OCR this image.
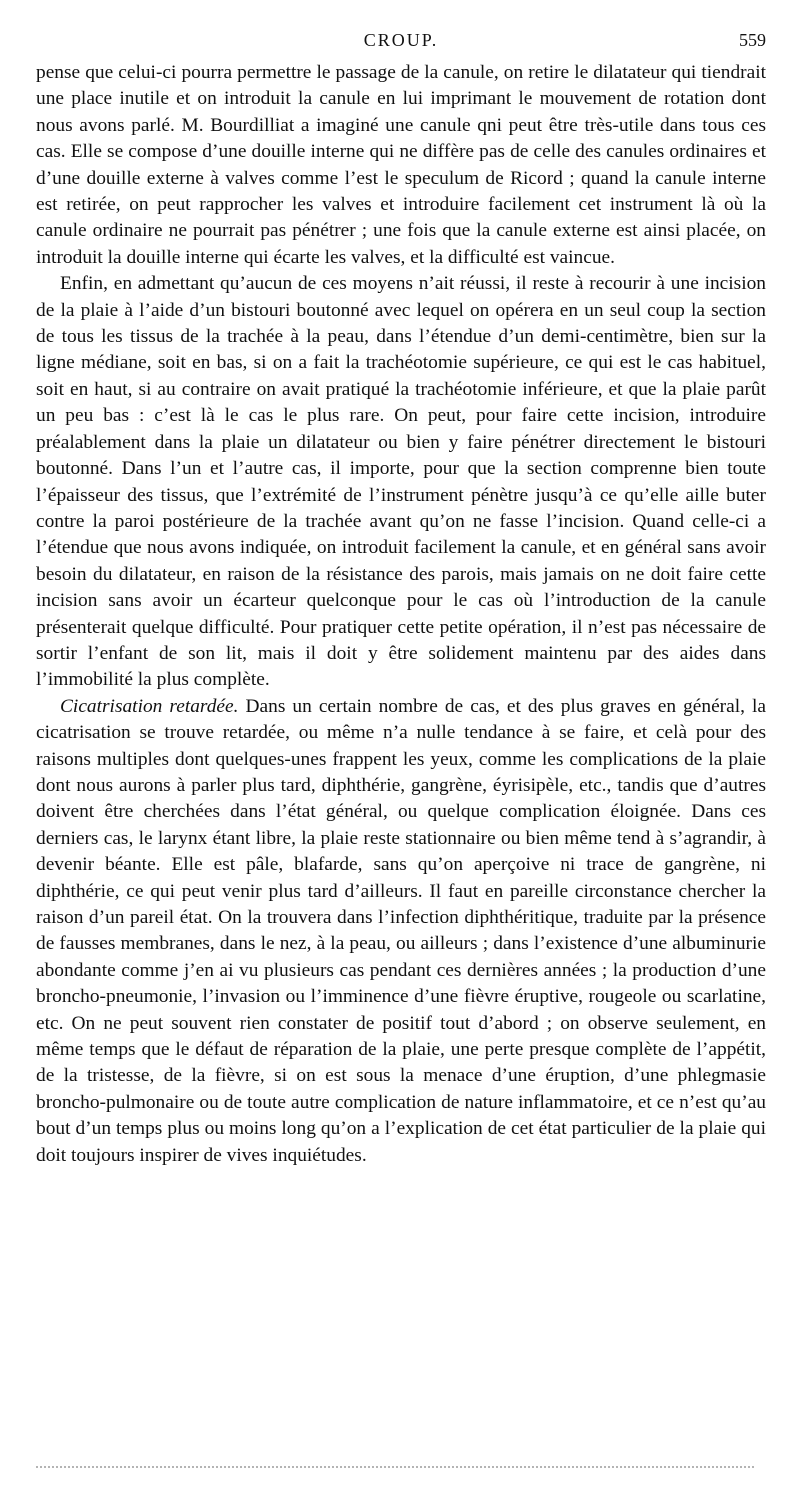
CROUP.	559

pense que celui-ci pourra permettre le passage de la canule, on retire le dilatateur qui tiendrait une place inutile et on introduit la canule en lui imprimant le mouvement de rotation dont nous avons parlé. M. Bourdilliat a imaginé une canule qni peut être très-utile dans tous ces cas. Elle se compose d’une douille interne qui ne diffère pas de celle des canules ordinaires et d’une douille externe à valves comme l’est le speculum de Ricord ; quand la canule interne est retirée, on peut rapprocher les valves et introduire facilement cet instrument là où la canule ordinaire ne pourrait pas pénétrer ; une fois que la canule externe est ainsi placée, on introduit la douille interne qui écarte les valves, et la difficulté est vaincue.

Enfin, en admettant qu’aucun de ces moyens n’ait réussi, il reste à recourir à une incision de la plaie à l’aide d’un bistouri boutonné avec lequel on opérera en un seul coup la section de tous les tissus de la trachée à la peau, dans l’étendue d’un demi-centimètre, bien sur la ligne médiane, soit en bas, si on a fait la trachéotomie supérieure, ce qui est le cas habituel, soit en haut, si au contraire on avait pratiqué la trachéotomie inférieure, et que la plaie parût un peu bas : c’est là le cas le plus rare. On peut, pour faire cette incision, introduire préalablement dans la plaie un dilatateur ou bien y faire pénétrer directement le bistouri boutonné. Dans l’un et l’autre cas, il importe, pour que la section comprenne bien toute l’épaisseur des tissus, que l’extrémité de l’instrument pénètre jusqu’à ce qu’elle aille buter contre la paroi postérieure de la trachée avant qu’on ne fasse l’incision. Quand celle-ci a l’étendue que nous avons indiquée, on introduit facilement la canule, et en général sans avoir besoin du dilatateur, en raison de la résistance des parois, mais jamais on ne doit faire cette incision sans avoir un écarteur quelconque pour le cas où l’introduction de la canule présenterait quelque difficulté. Pour pratiquer cette petite opération, il n’est pas nécessaire de sortir l’enfant de son lit, mais il doit y être solidement maintenu par des aides dans l’immobilité la plus complète.

Cicatrisation retardée. Dans un certain nombre de cas, et des plus graves en général, la cicatrisation se trouve retardée, ou même n’a nulle tendance à se faire, et celà pour des raisons multiples dont quelques-unes frappent les yeux, comme les complications de la plaie dont nous aurons à parler plus tard, diphthérie, gangrène, éyrisipèle, etc., tandis que d’autres doivent être cherchées dans l’état général, ou quelque complication éloignée. Dans ces derniers cas, le larynx étant libre, la plaie reste stationnaire ou bien même tend à s’agrandir, à devenir béante. Elle est pâle, blafarde, sans qu’on aperçoive ni trace de gangrène, ni diphthérie, ce qui peut venir plus tard d’ailleurs. Il faut en pareille circonstance chercher la raison d’un pareil état. On la trouvera dans l’infection diphthéritique, traduite par la présence de fausses membranes, dans le nez, à la peau, ou ailleurs ; dans l’existence d’une albuminurie abondante comme j’en ai vu plusieurs cas pendant ces dernières années ; la production d’une broncho-pneumonie, l’invasion ou l’imminence d’une fièvre éruptive, rougeole ou scarlatine, etc. On ne peut souvent rien constater de positif tout d’abord ; on observe seulement, en même temps que le défaut de réparation de la plaie, une perte presque complète de l’appétit, de la tristesse, de la fièvre, si on est sous la menace d’une éruption, d’une phlegmasie broncho-pulmonaire ou de toute autre complication de nature inflammatoire, et ce n’est qu’au bout d’un temps plus ou moins long qu’on a l’explication de cet état particulier de la plaie qui doit toujours inspirer de vives inquiétudes.
